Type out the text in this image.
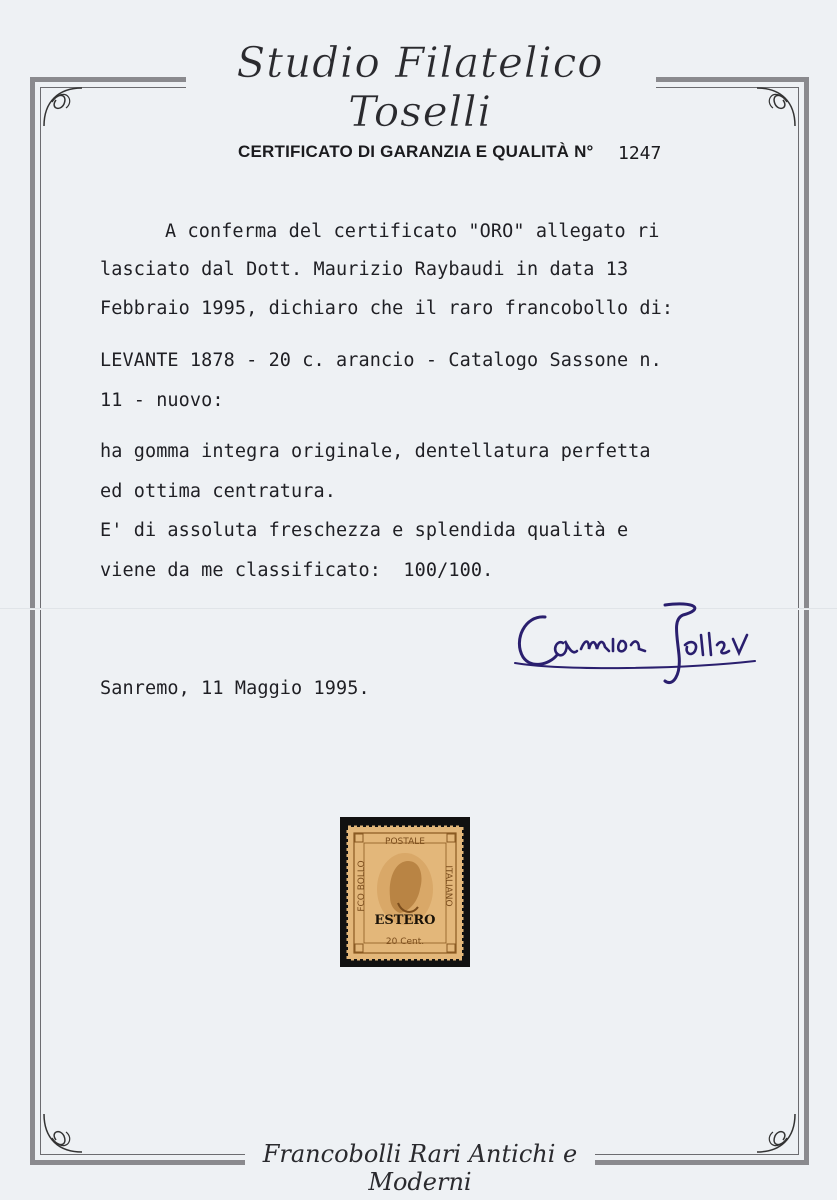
Studio Filatelico Toselli
CERTIFICATO DI GARANZIA E QUALITÀ N° 1247
A conferma del certificato "ORO" allegato ri
lasciato dal Dott. Maurizio Raybaudi in data 13
Febbraio 1995, dichiaro che il raro francobollo di:
LEVANTE 1878 - 20 c. arancio - Catalogo Sassone n.
11 - nuovo:
ha gomma integra originale, dentellatura perfetta
ed ottima centratura.
E' di assoluta freschezza e splendida qualità e
viene da me classificato:  100/100.
Sanremo, 11 Maggio 1995.
POSTALE
FCO BOLLO	ITALIANO
ESTERO
20 Cent.
Francobolli Rari Antichi e Moderni
